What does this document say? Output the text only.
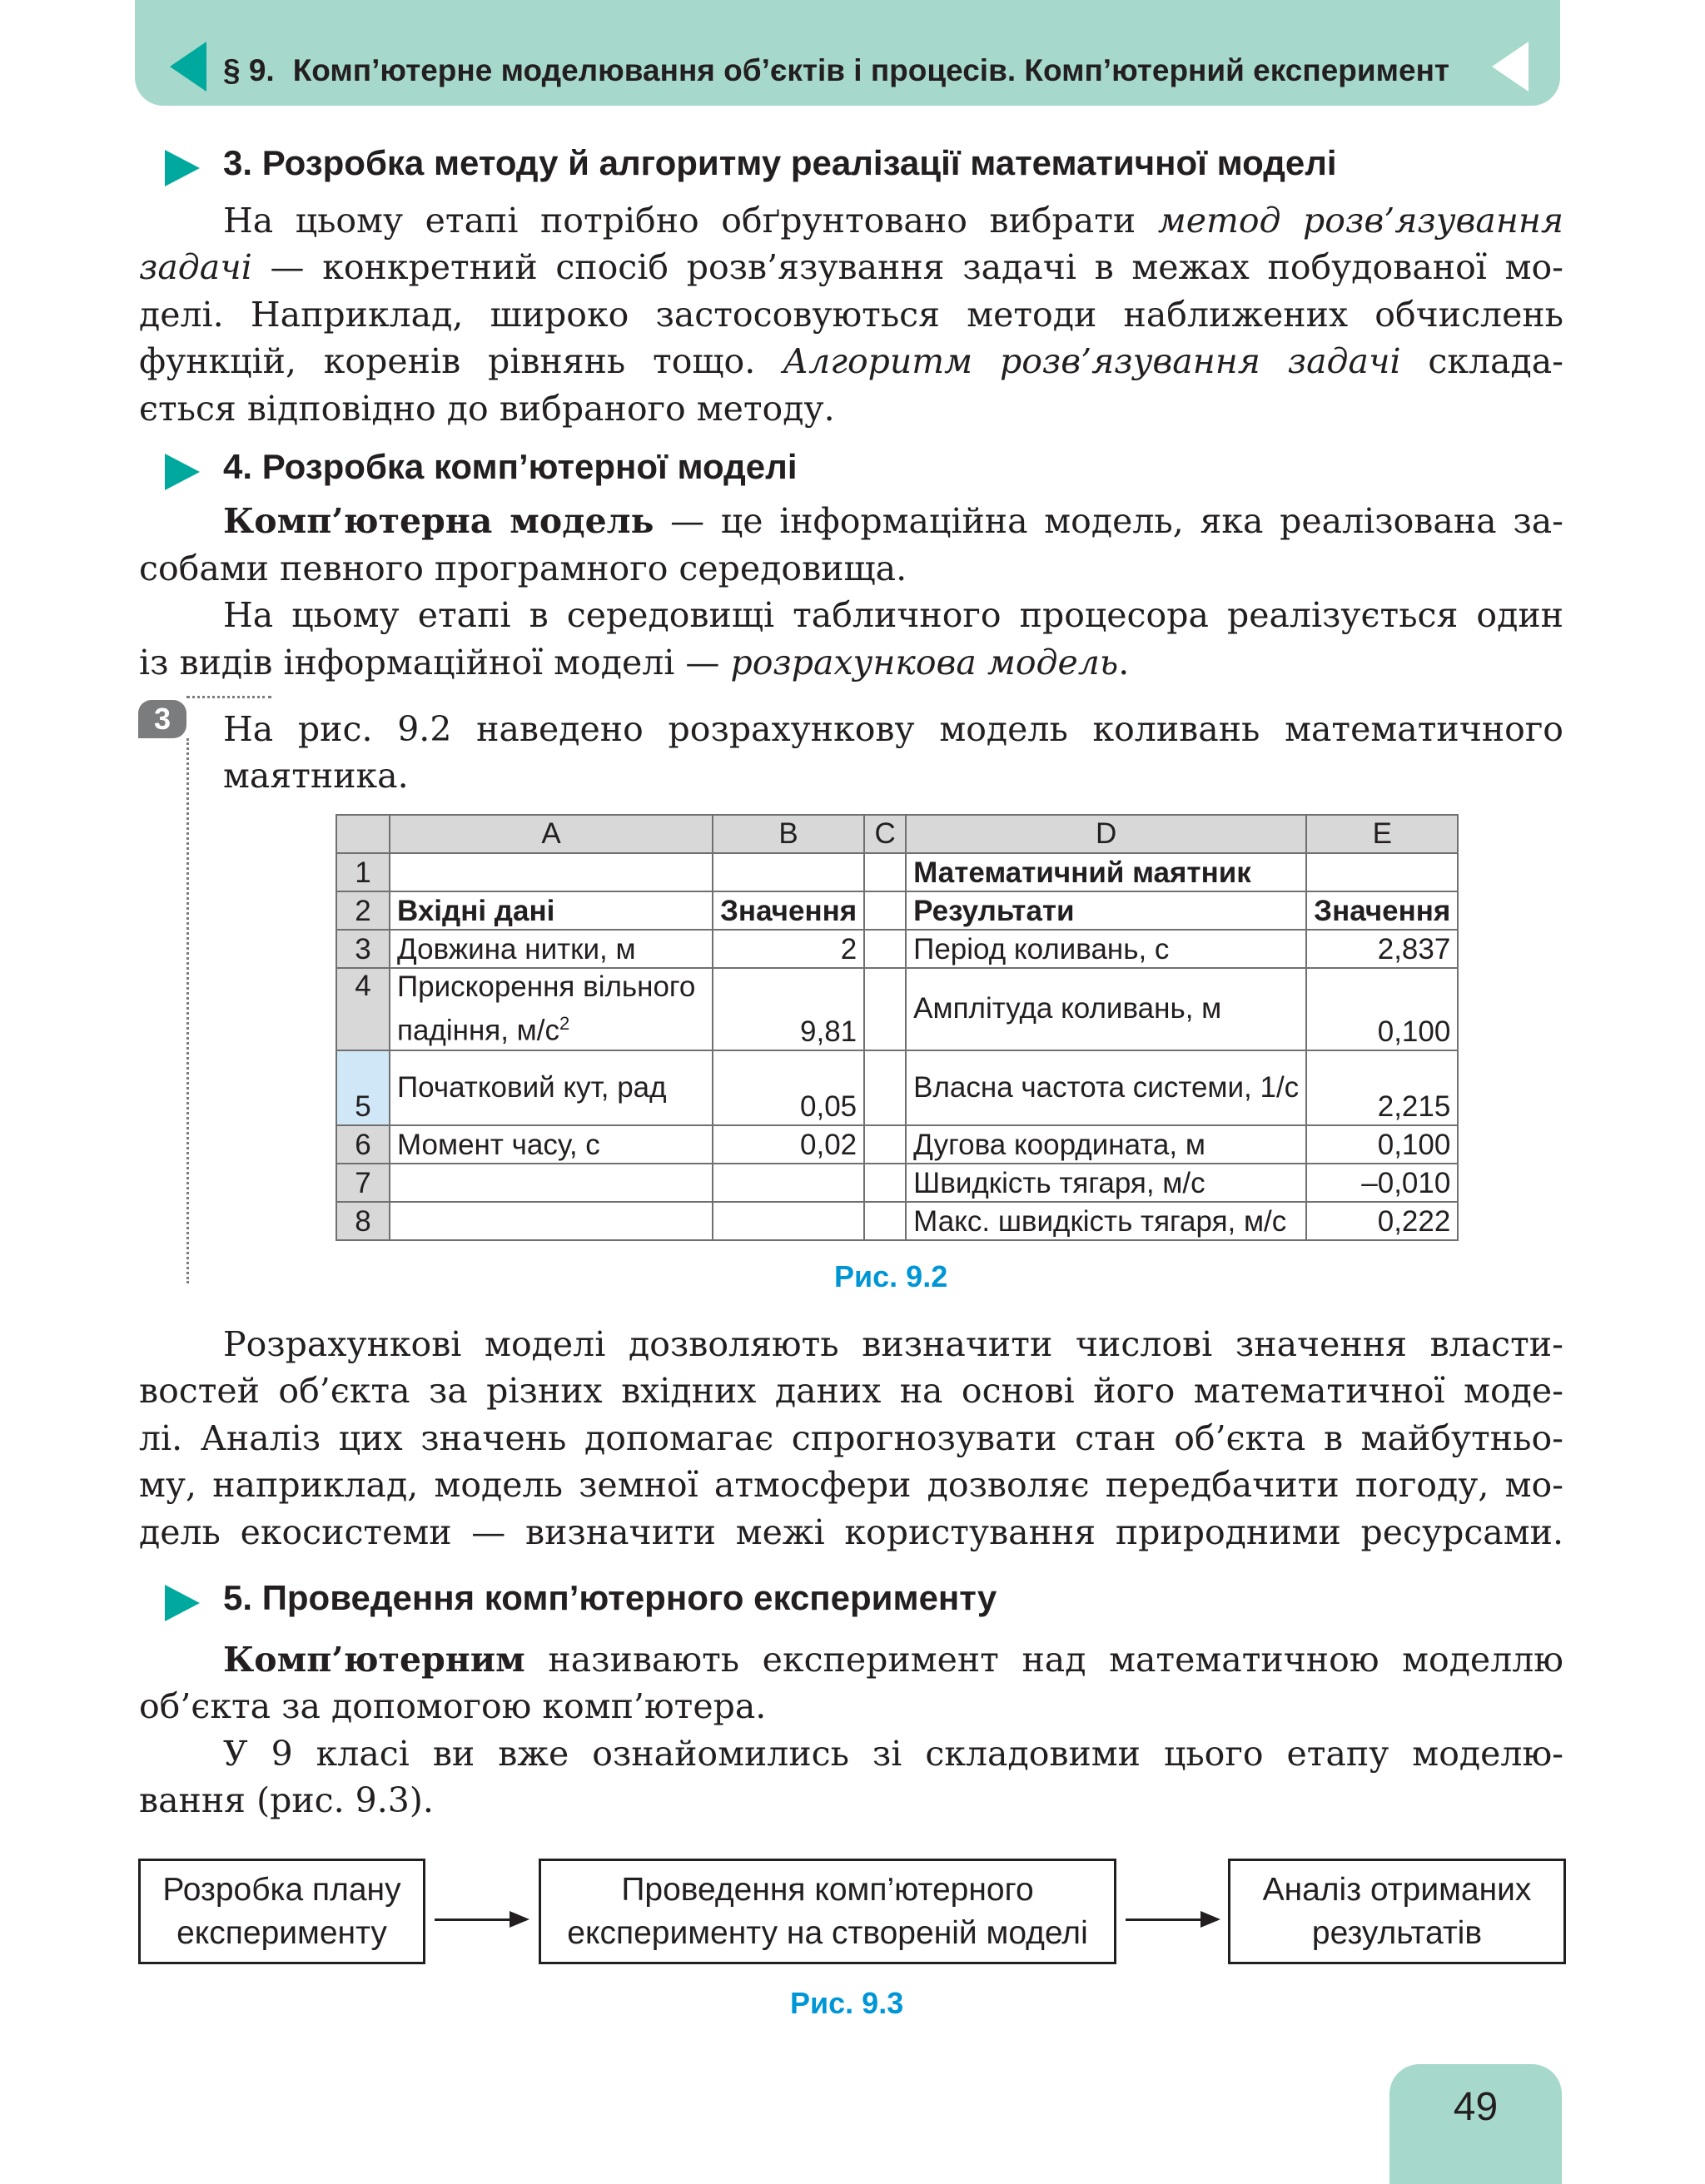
§ 9. Комп’ютерне моделювання об’єктів і процесів. Комп’ютерний експеримент
3. Розробка методу й алгоритму реалізації математичної моделі
На цьому етапі потрібно обґрунтовано вибрати метод розв’язування
задачі — конкретний спосіб розв’язування задачі в межах побудованої мо-
делі. Наприклад, широко застосовуються методи наближених обчислень
функцій, коренів рівнянь тощо. Алгоритм розв’язування задачі склада-
ється відповідно до вибраного методу.
4. Розробка комп’ютерної моделі
Комп’ютерна модель — це інформаційна модель, яка реалізована за-
собами певного програмного середовища.
На цьому етапі в середовищі табличного процесора реалізується один
із видів інформаційної моделі — розрахункова модель.
3	На рис. 9.2 наведено розрахункову модель коливань математичного
маятника.
	A	B	C	D	E
1				Математичний маятник	
2	Вхідні дані	Значення		Результати	Значення
3	Довжина нитки, м	2		Період коливань, с	2,837
4	Прискорення вільного падіння, $м/с^2$	9,81		Амплітуда коливань, м	0,100
5	Початковий кут, рад	0,05		Власна частота системи, 1/с	2,215
6	Момент часу, с	0,02		Дугова координата, м	0,100
7				Швидкість тягаря, м/с	–0,010
8				Макс. швидкість тягаря, м/с	0,222
Рис. 9.2
Розрахункові моделі дозволяють визначити числові значення власти-
востей об’єкта за різних вхідних даних на основі його математичної моде-
лі. Аналіз цих значень допомагає спрогнозувати стан об’єкта в майбутньо-
му, наприклад, модель земної атмосфери дозволяє передбачити погоду, мо-
дель екосистеми — визначити межі користування природними ресурсами.
5. Проведення комп’ютерного експерименту
Комп’ютерним називають експеримент над математичною моделлю
об’єкта за допомогою комп’ютера.
У 9 класі ви вже ознайомились зі складовими цього етапу моделю-
вання (рис. 9.3).
Розробка плану
експерименту
Проведення комп’ютерного
експерименту на створеній моделі
Аналіз отриманих
результатів
Рис. 9.3
49
